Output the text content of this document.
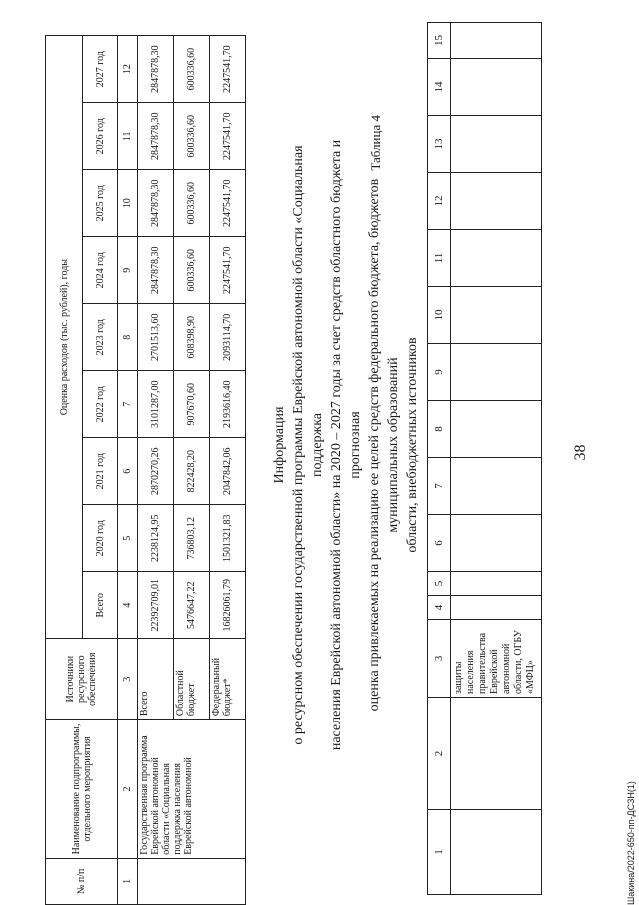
1	2	3	4	5	6	7	8	9	10	11	12	13	14	15
		защиты населения правительства Еврейской автономной области, ОГБУ «МФЦ»												
38
Таблица 4
Информация о ресурсном обеспечении государственной программы Еврейской автономной области «Социальная поддержка населения Еврейской автономной области» на 2020 – 2027 годы за счет средств областного бюджета и прогнозная оценка привлекаемых на реализацию ее целей средств федерального бюджета, бюджетов муниципальных образований области, внебюджетных источников
№ п/п	Наименование подпрограммы, отдельного мероприятия	Источники ресурсного обеспечения	Оценка расходов (тыс. рублей), годы								
			Всего	2020 год	2021 год	2022 год	2023 год	2024 год	2025 год	2026 год	2027 год
1	2	3	4	5	6	7	8	9	10	11	12
	Государственная программа Еврейской автономной области «Социальная поддержка населения Еврейской автономной	Всего	22392709,01	2238124,95	2870270,26	3101287,00	2701513,60	2847878,30	2847878,30	2847878,30	2847878,30
		Областной бюджет	5476647,22	736803,12	822428,20	907670,60	608398,90	600336,60	600336,60	600336,60	600336,60
		Федеральный бюджет*	16826061,79	1501321,83	2047842,06	2193616,40	2093114,70	2247541,70	2247541,70	2247541,70	2247541,70
Шакина/2022-650-пп-ДСЗН(1)
